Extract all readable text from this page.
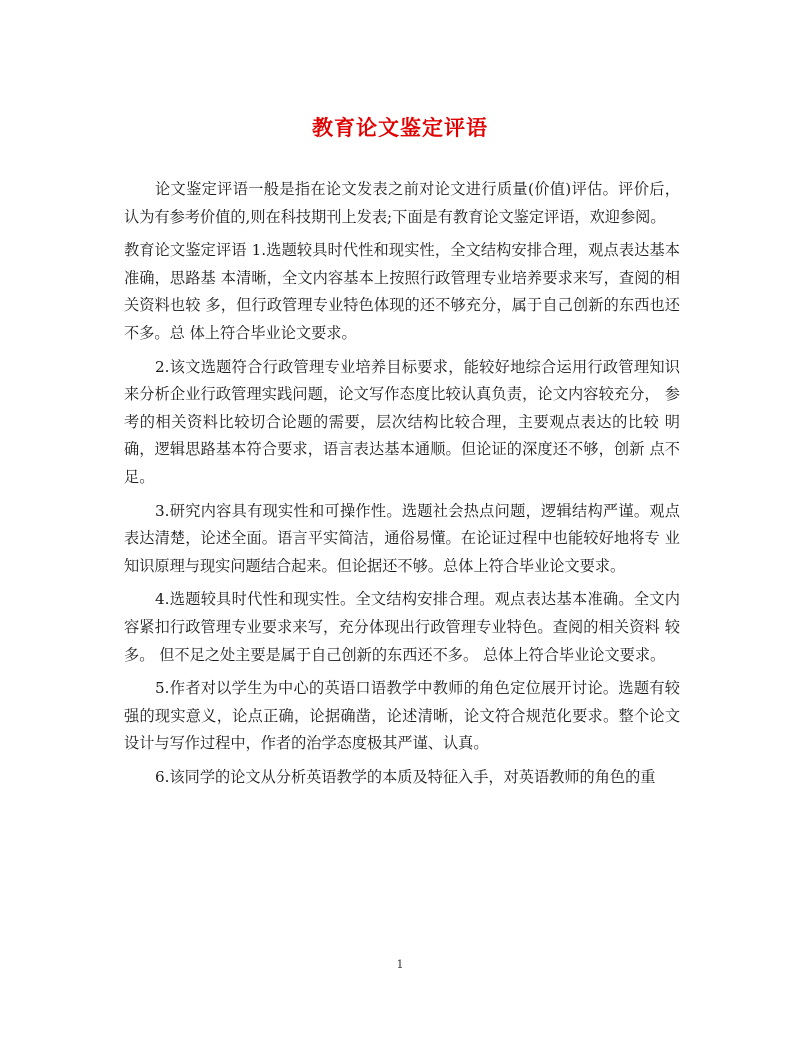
教育论文鉴定评语

论文鉴定评语一般是指在论文发表之前对论文进行质量(价值)评估。评价后，认为有参考价值的,则在科技期刊上发表;下面是有教育论文鉴定评语，欢迎参阅。

教育论文鉴定评语 1.选题较具时代性和现实性，全文结构安排合理，观点表达基本准确，思路基 本清晰，全文内容基本上按照行政管理专业培养要求来写，查阅的相关资料也较 多，但行政管理专业特色体现的还不够充分，属于自己创新的东西也还不多。总 体上符合毕业论文要求。

2.该文选题符合行政管理专业培养目标要求，能较好地综合运用行政管理知识 来分析企业行政管理实践问题，论文写作态度比较认真负责，论文内容较充分， 参考的相关资料比较切合论题的需要，层次结构比较合理，主要观点表达的比较 明确，逻辑思路基本符合要求，语言表达基本通顺。但论证的深度还不够，创新 点不足。

3.研究内容具有现实性和可操作性。选题社会热点问题，逻辑结构严谨。观点 表达清楚，论述全面。语言平实简洁，通俗易懂。在论证过程中也能较好地将专 业知识原理与现实问题结合起来。但论据还不够。总体上符合毕业论文要求。

4.选题较具时代性和现实性。全文结构安排合理。观点表达基本准确。全文内 容紧扣行政管理专业要求来写，充分体现出行政管理专业特色。查阅的相关资料 较多。 但不足之处主要是属于自己创新的东西还不多。 总体上符合毕业论文要求。

5.作者对以学生为中心的英语口语教学中教师的角色定位展开讨论。选题有较强的现实意义，论点正确，论据确凿，论述清晰，论文符合规范化要求。整个论文设计与写作过程中，作者的治学态度极其严谨、认真。

6.该同学的论文从分析英语教学的本质及特征入手，对英语教师的角色的重

1
